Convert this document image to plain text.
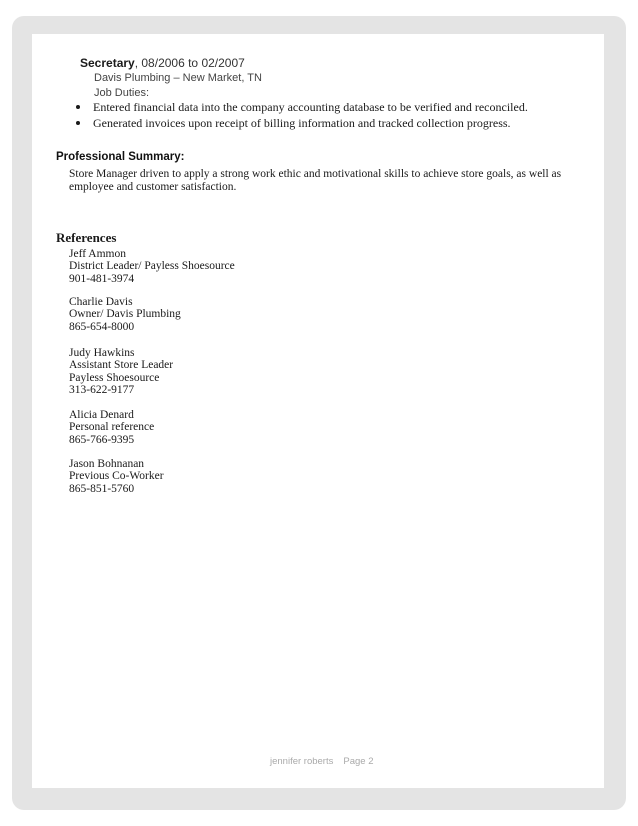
Secretary, 08/2006 to 02/2007
Davis Plumbing – New Market, TN
Job Duties:
Entered financial data into the company accounting database to be verified and reconciled.
Generated invoices upon receipt of billing information and tracked collection progress.
Professional Summary:
Store Manager driven to apply a strong work ethic and motivational skills to achieve store goals, as well as employee and customer satisfaction.
References
Jeff Ammon
District Leader/ Payless Shoesource
901-481-3974
Charlie Davis
Owner/ Davis Plumbing
865-654-8000
Judy Hawkins
Assistant Store Leader
Payless Shoesource
313-622-9177
Alicia Denard
Personal reference
865-766-9395
Jason Bohnanan
Previous Co-Worker
865-851-5760
jennifer roberts Page 2
